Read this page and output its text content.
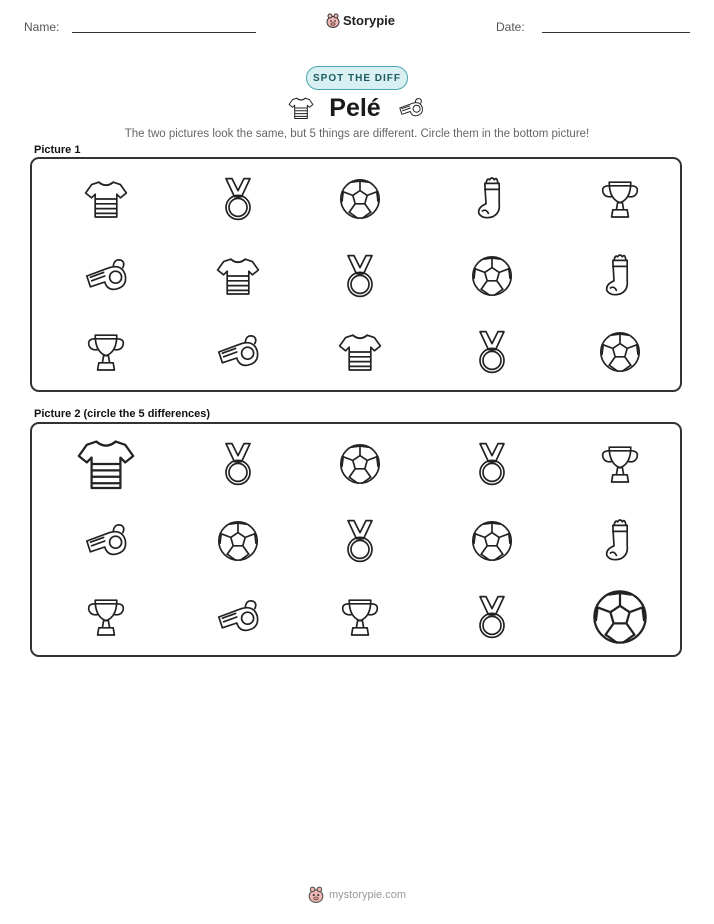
Name:	Storypie	Date:
SPOT THE DIFF
Pelé
The two pictures look the same, but 5 things are different. Circle them in the bottom picture!
Picture 1
Picture 2 (circle the 5 differences)
mystorypie.com
